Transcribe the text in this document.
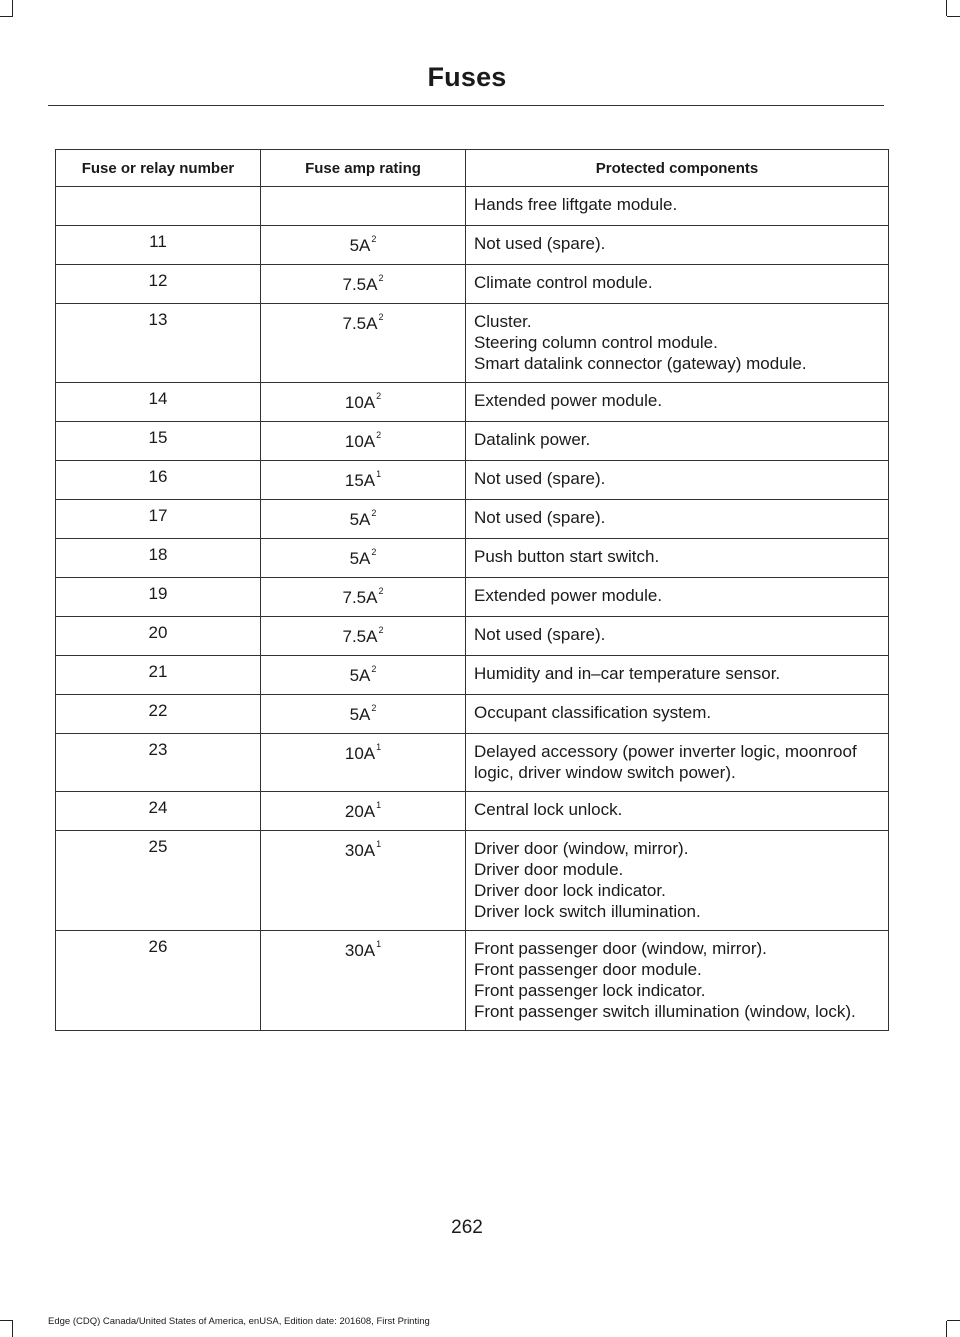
Fuses
Fuse or relay number	Fuse amp rating	Protected components

		Hands free liftgate module.

11	$5A^2$	Not used (spare).

12	$7.5A^2$	Climate control module.

13	$7.5A^2$	Cluster.
Steering column control module.
Smart datalink connector (gateway) module.

14	$10A^2$	Extended power module.

15	$10A^2$	Datalink power.

16	$15A^1$	Not used (spare).

17	$5A^2$	Not used (spare).

18	$5A^2$	Push button start switch.

19	$7.5A^2$	Extended power module.

20	$7.5A^2$	Not used (spare).

21	$5A^2$	Humidity and in–car temperature sensor.

22	$5A^2$	Occupant classification system.

23	$10A^1$	Delayed accessory (power inverter logic, moonroof logic, driver window switch power).

24	$20A^1$	Central lock unlock.

25	$30A^1$	Driver door (window, mirror).
Driver door module.
Driver door lock indicator.
Driver lock switch illumination.

26	$30A^1$	Front passenger door (window, mirror).
Front passenger door module.
Front passenger lock indicator.
Front passenger switch illumination (window, lock).
262
Edge (CDQ) Canada/United States of America, enUSA, Edition date: 201608, First Printing
